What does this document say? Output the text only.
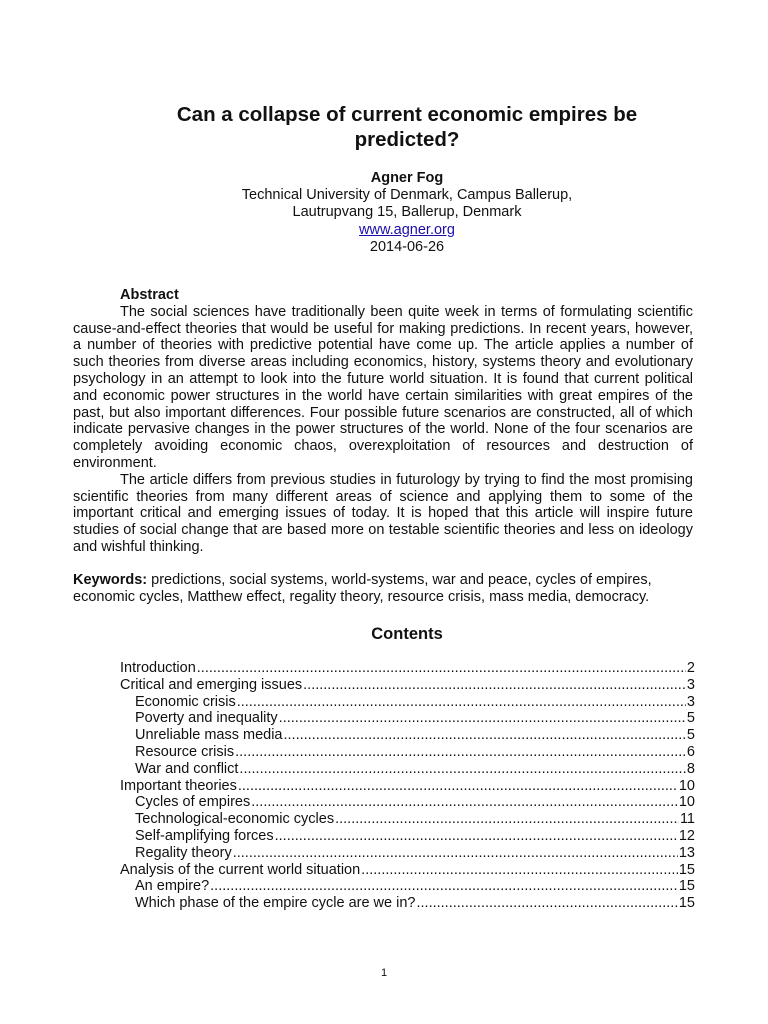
Can a collapse of current economic empires be
predicted?
Agner Fog
Technical University of Denmark, Campus Ballerup,
Lautrupvang 15, Ballerup, Denmark
www.agner.org
2014-06-26

Abstract

The social sciences have traditionally been quite week in terms of formulating scientific cause-and-effect theories that would be useful for making predictions. In recent years, however, a number of theories with predictive potential have come up. The article applies a number of such theories from diverse areas including economics, history, systems theory and evolutionary psychology in an attempt to look into the future world situation. It is found that current political and economic power structures in the world have certain similarities with great empires of the past, but also important differences. Four possible future scenarios are constructed, all of which indicate pervasive changes in the power structures of the world. None of the four scenarios are completely avoiding economic chaos, overexploitation of resources and destruction of environment.

The article differs from previous studies in futurology by trying to find the most promising scientific theories from many different areas of science and applying them to some of the important critical and emerging issues of today. It is hoped that this article will inspire future studies of social change that are based more on testable scientific theories and less on ideology and wishful thinking.

Keywords: predictions, social systems, world-systems, war and peace, cycles of empires, economic cycles, Matthew effect, regality theory, resource crisis, mass media, democracy.

Contents
Introduction .....	2
Critical and emerging issues .....	3
Economic crisis .....	3
Poverty and inequality .....	5
Unreliable mass media .....	5
Resource crisis .....	6
War and conflict .....	8
Important theories .....	10
Cycles of empires .....	10
Technological-economic cycles .....	11
Self-amplifying forces .....	12
Regality theory .....	13
Analysis of the current world situation .....	15
An empire? .....	15
Which phase of the empire cycle are we in? .....	15
1
